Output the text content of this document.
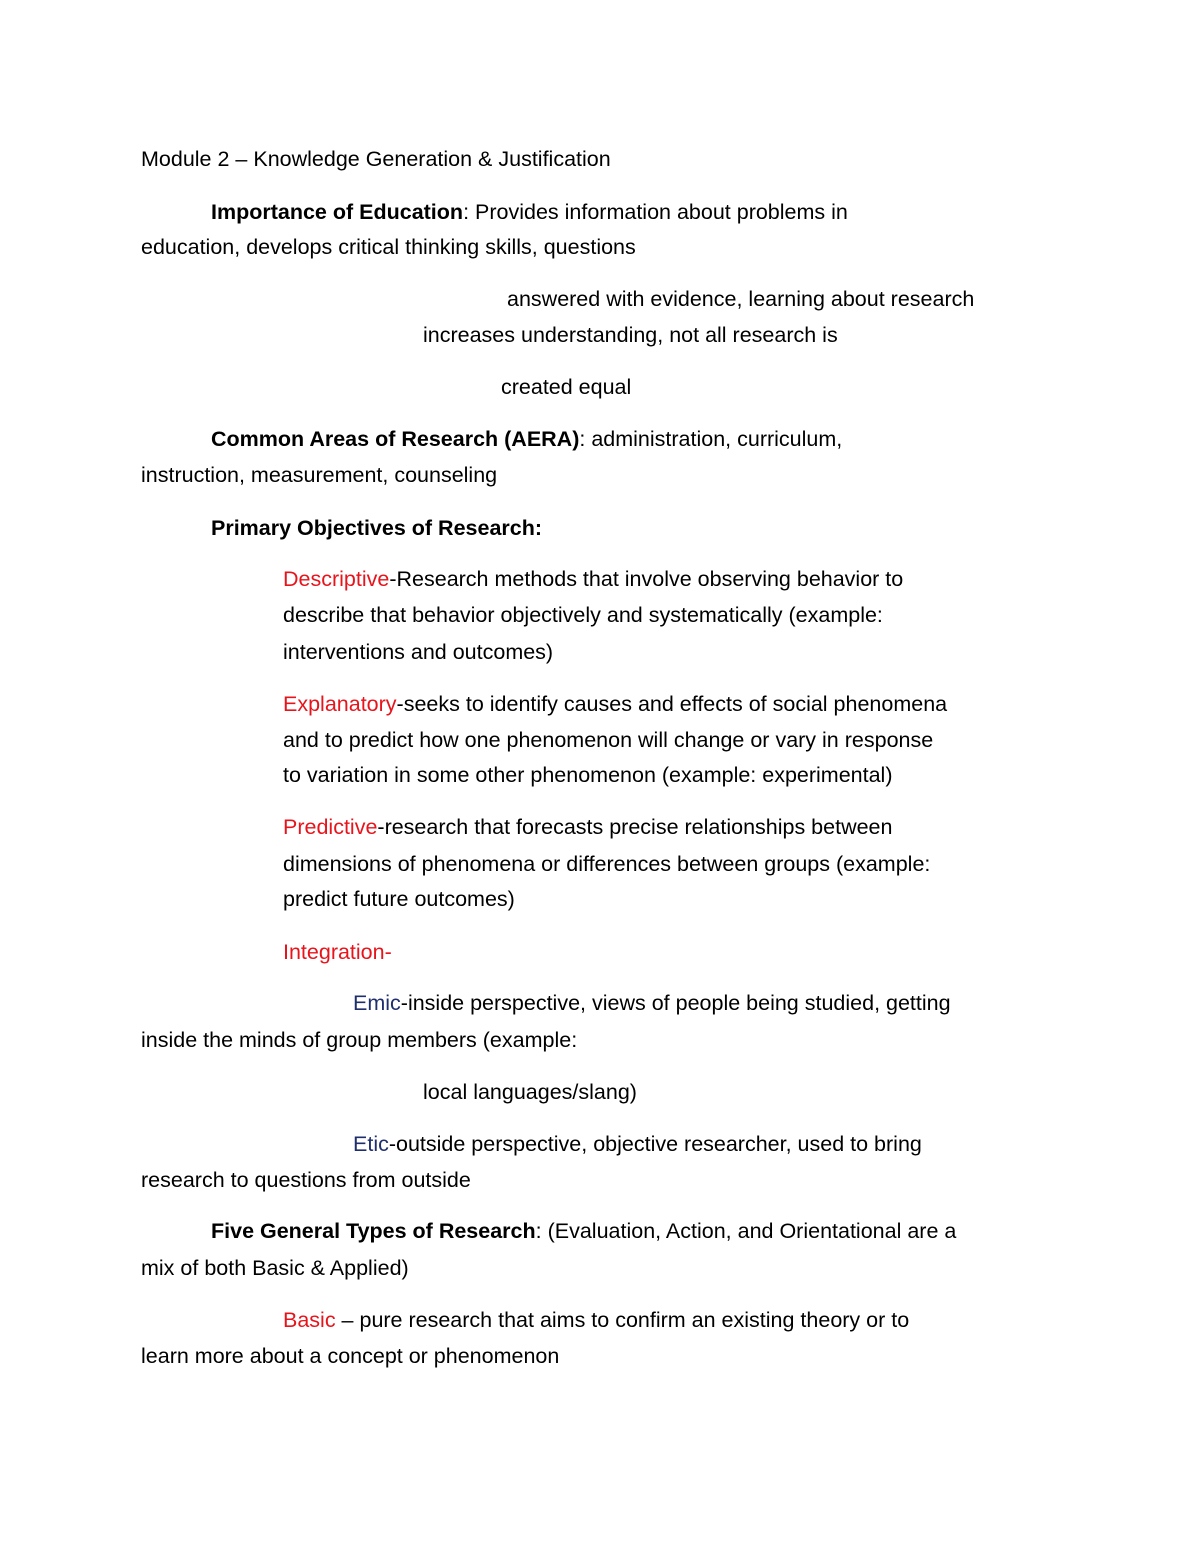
Module 2 – Knowledge Generation & Justification

Importance of Education: Provides information about problems in

education, develops critical thinking skills, questions

answered with evidence, learning about research

increases understanding, not all research is

created equal

Common Areas of Research (AERA): administration, curriculum,

instruction, measurement, counseling

Primary Objectives of Research:

Descriptive-Research methods that involve observing behavior to

describe that behavior objectively and systematically (example:

interventions and outcomes)

Explanatory-seeks to identify causes and effects of social phenomena

and to predict how one phenomenon will change or vary in response

to variation in some other phenomenon (example: experimental)

Predictive-research that forecasts precise relationships between

dimensions of phenomena or differences between groups (example:

predict future outcomes)

Integration-

Emic-inside perspective, views of people being studied, getting

inside the minds of group members (example:

local languages/slang)

Etic-outside perspective, objective researcher, used to bring

research to questions from outside

Five General Types of Research: (Evaluation, Action, and Orientational are a

mix of both Basic & Applied)

Basic – pure research that aims to confirm an existing theory or to

learn more about a concept or phenomenon
